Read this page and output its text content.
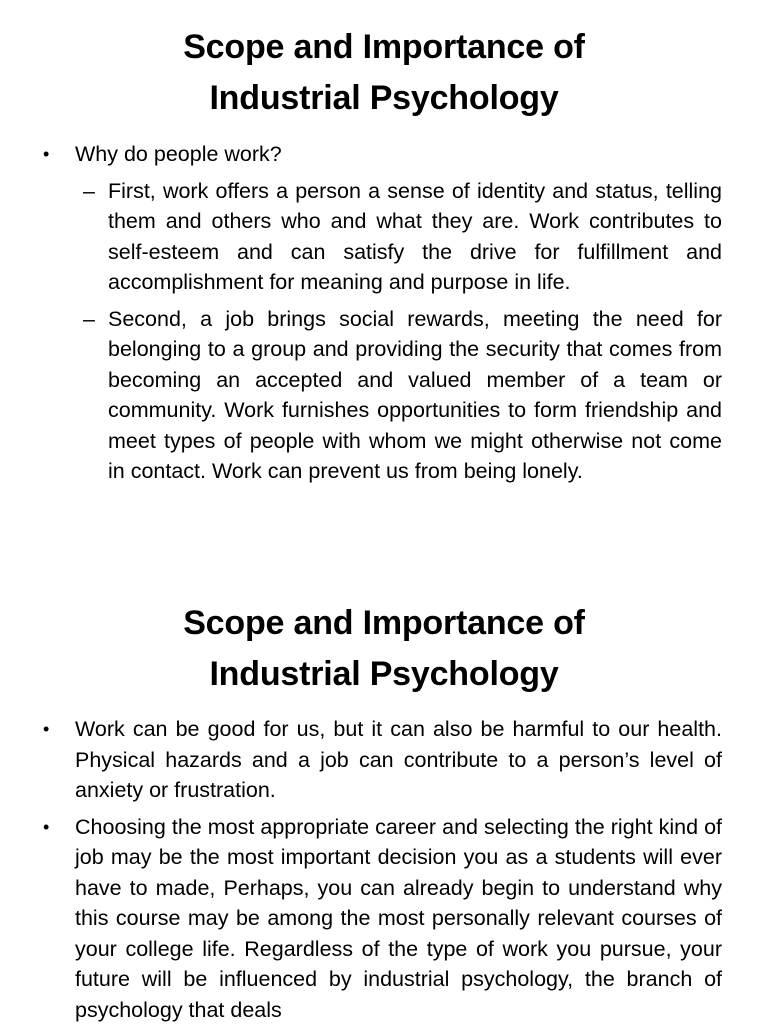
Scope and Importance of
Industrial Psychology
• Why do people work?
– First, work offers a person a sense of identity and status, telling them and others who and what they are. Work contributes to self-esteem and can satisfy the drive for fulfillment and accomplishment for meaning and purpose in life.
– Second, a job brings social rewards, meeting the need for belonging to a group and providing the security that comes from becoming an accepted and valued member of a team or community. Work furnishes opportunities to form friendship and meet types of people with whom we might otherwise not come in contact. Work can prevent us from being lonely.
Scope and Importance of
Industrial Psychology
• Work can be good for us, but it can also be harmful to our health. Physical hazards and a job can contribute to a person’s level of anxiety or frustration.
• Choosing the most appropriate career and selecting the right kind of job may be the most important decision you as a students will ever have to made, Perhaps, you can already begin to understand why this course may be among the most personally relevant courses of your college life. Regardless of the type of work you pursue, your future will be influenced by industrial psychology, the branch of psychology that deals
